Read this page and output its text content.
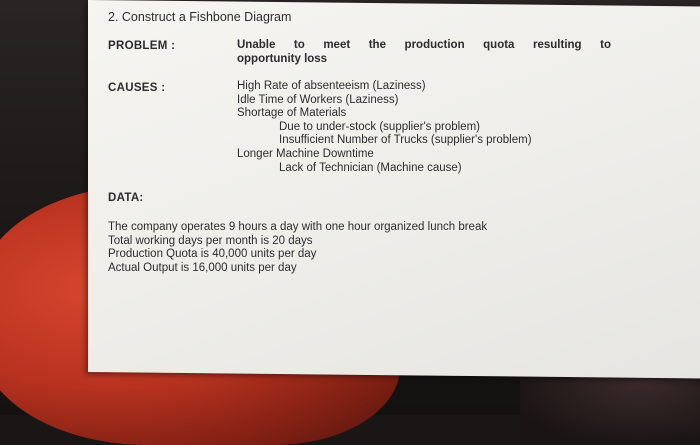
2. Construct a Fishbone Diagram
PROBLEM :	Unable to meet the production quota resulting to
opportunity loss
CAUSES :	High Rate of absenteeism (Laziness)
Idle Time of Workers (Laziness)
Shortage of Materials
Due to under-stock (supplier's problem)
Insufficient Number of Trucks (supplier's problem)
Longer Machine Downtime
Lack of Technician (Machine cause)
DATA:
The company operates 9 hours a day with one hour organized lunch break
Total working days per month is 20 days
Production Quota is 40,000 units per day
Actual Output is 16,000 units per day
